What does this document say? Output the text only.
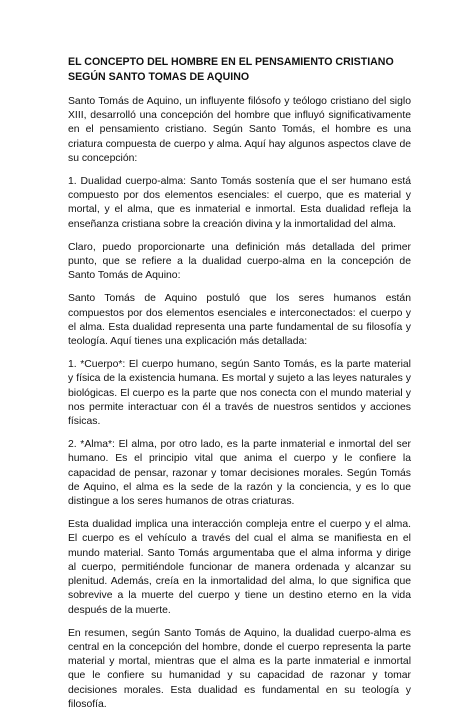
EL CONCEPTO DEL HOMBRE EN EL PENSAMIENTO CRISTIANO SEGÚN SANTO TOMAS DE AQUINO

Santo Tomás de Aquino, un influyente filósofo y teólogo cristiano del siglo XIII, desarrolló una concepción del hombre que influyó significativamente en el pensamiento cristiano. Según Santo Tomás, el hombre es una criatura compuesta de cuerpo y alma. Aquí hay algunos aspectos clave de su concepción:

1. Dualidad cuerpo-alma: Santo Tomás sostenía que el ser humano está compuesto por dos elementos esenciales: el cuerpo, que es material y mortal, y el alma, que es inmaterial e inmortal. Esta dualidad refleja la enseñanza cristiana sobre la creación divina y la inmortalidad del alma.

Claro, puedo proporcionarte una definición más detallada del primer punto, que se refiere a la dualidad cuerpo-alma en la concepción de Santo Tomás de Aquino:

Santo Tomás de Aquino postuló que los seres humanos están compuestos por dos elementos esenciales e interconectados: el cuerpo y el alma. Esta dualidad representa una parte fundamental de su filosofía y teología. Aquí tienes una explicación más detallada:

1. *Cuerpo*: El cuerpo humano, según Santo Tomás, es la parte material y física de la existencia humana. Es mortal y sujeto a las leyes naturales y biológicas. El cuerpo es la parte que nos conecta con el mundo material y nos permite interactuar con él a través de nuestros sentidos y acciones físicas.

2. *Alma*: El alma, por otro lado, es la parte inmaterial e inmortal del ser humano. Es el principio vital que anima el cuerpo y le confiere la capacidad de pensar, razonar y tomar decisiones morales. Según Tomás de Aquino, el alma es la sede de la razón y la conciencia, y es lo que distingue a los seres humanos de otras criaturas.

Esta dualidad implica una interacción compleja entre el cuerpo y el alma. El cuerpo es el vehículo a través del cual el alma se manifiesta en el mundo material. Santo Tomás argumentaba que el alma informa y dirige al cuerpo, permitiéndole funcionar de manera ordenada y alcanzar su plenitud. Además, creía en la inmortalidad del alma, lo que significa que sobrevive a la muerte del cuerpo y tiene un destino eterno en la vida después de la muerte.

En resumen, según Santo Tomás de Aquino, la dualidad cuerpo-alma es central en la concepción del hombre, donde el cuerpo representa la parte material y mortal, mientras que el alma es la parte inmaterial e inmortal que le confiere su humanidad y su capacidad de razonar y tomar decisiones morales. Esta dualidad es fundamental en su teología y filosofía.
